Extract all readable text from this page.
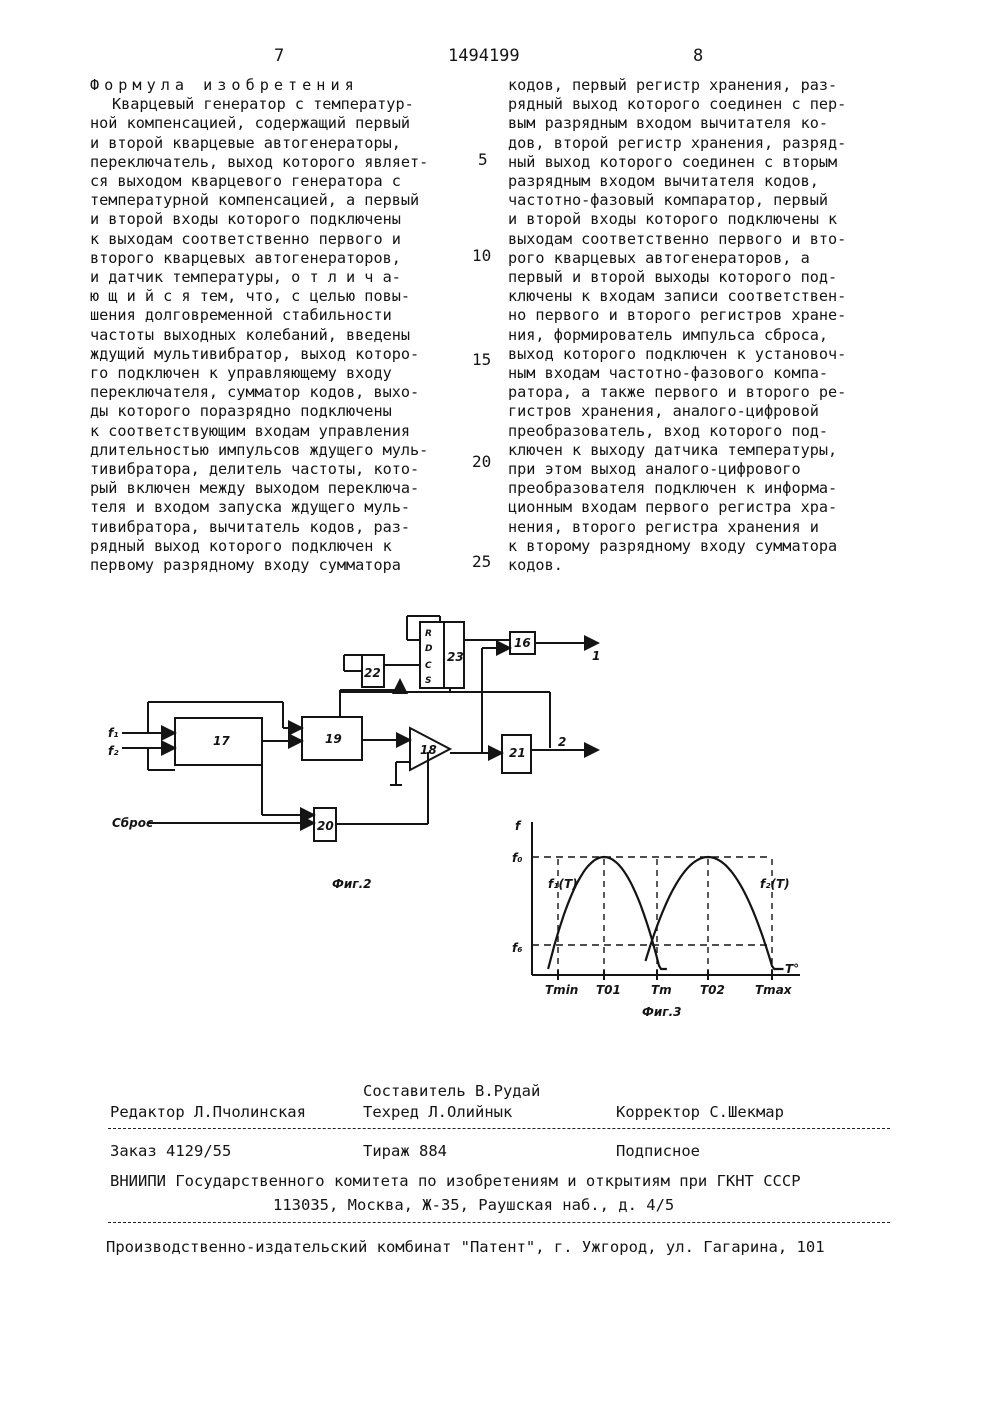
7	1494199	8
Формула изобретения
Кварцевый генератор с температур-
ной компенсацией, содержащий первый
и второй кварцевые автогенераторы,
переключатель, выход которого являет-
ся выходом кварцевого генератора с
температурной компенсацией, а первый
и второй входы которого подключены
к выходам соответственно первого и
второго кварцевых автогенераторов,
и датчик температуры, о т л и ч а-
ю щ и й с я тем, что, с целью повы-
шения долговременной стабильности
частоты выходных колебаний, введены
ждущий мультивибратор, выход которо-
го подключен к управляющему входу
переключателя, сумматор кодов, выхо-
ды которого поразрядно подключены
к соответствующим входам управления
длительностью импульсов ждущего муль-
тивибратора, делитель частоты, кото-
рый включен между выходом переключа-
теля и входом запуска ждущего муль-
тивибратора, вычитатель кодов, раз-
рядный выход которого подключен к
первому разрядному входу сумматора
5
10
15
20
25
кодов, первый регистр хранения, раз-
рядный выход которого соединен с пер-
вым разрядным входом вычитателя ко-
дов, второй регистр хранения, разряд-
ный выход которого соединен с вторым
разрядным входом вычитателя кодов,
частотно-фазовый компаратор, первый
и второй входы которого подключены к
выходам соответственно первого и вто-
рого кварцевых автогенераторов, а
первый и второй выходы которого под-
ключены к входам записи соответствен-
но первого и второго регистров хране-
ния, формирователь импульса сброса,
выход которого подключен к установоч-
ным входам частотно-фазового компа-
ратора, а также первого и второго ре-
гистров хранения, аналого-цифровой
преобразователь, вход которого под-
ключен к выходу датчика температуры,
при этом выход аналого-цифрового
преобразователя подключен к информа-
ционным входам первого регистра хра-
нения, второго регистра хранения и
к второму разрядному входу сумматора
кодов.
f₁
f₂
Сброс
17	19
18
20
21
22
23
16
1
2
R
D
C
S
Фиг.2
f
T°
f₀
f₆
f₁(T)	f₂(T)
Tmin T01	Tm T02	Tmax
Фиг.3
Составитель В.Рудай
Редактор Л.Пчолинская	Техред Л.Олийнык	Корректор С.Шекмар
Заказ 4129/55	Тираж 884	Подписное
ВНИИПИ Государственного комитета по изобретениям и открытиям при ГКНТ СССР
113035, Москва, Ж-35, Раушская наб., д. 4/5
Производственно-издательский комбинат "Патент", г. Ужгород, ул. Гагарина, 101
